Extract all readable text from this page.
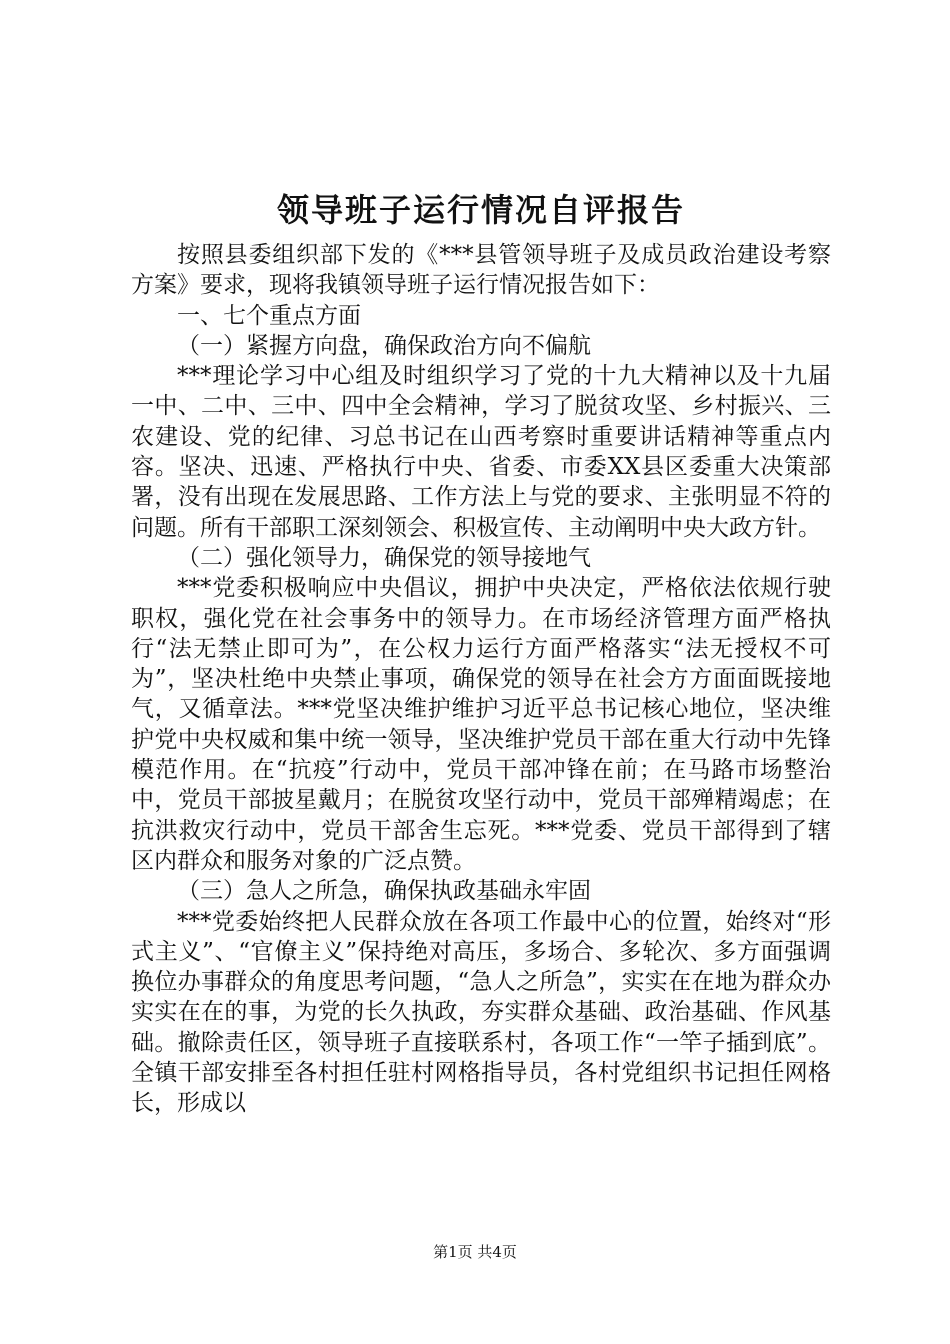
领导班子运行情况自评报告

按照县委组织部下发的《***县管领导班子及成员政治建设考察方案》要求，现将我镇领导班子运行情况报告如下：

一、七个重点方面

（一）紧握方向盘，确保政治方向不偏航

***理论学习中心组及时组织学习了党的十九大精神以及十九届一中、二中、三中、四中全会精神，学习了脱贫攻坚、乡村振兴、三农建设、党的纪律、习总书记在山西考察时重要讲话精神等重点内容。坚决、迅速、严格执行中央、省委、市委XX县区委重大决策部署，没有出现在发展思路、工作方法上与党的要求、主张明显不符的问题。所有干部职工深刻领会、积极宣传、主动阐明中央大政方针。

（二）强化领导力，确保党的领导接地气

***党委积极响应中央倡议，拥护中央决定，严格依法依规行驶职权，强化党在社会事务中的领导力。在市场经济管理方面严格执行“法无禁止即可为”，在公权力运行方面严格落实“法无授权不可为”，坚决杜绝中央禁止事项，确保党的领导在社会方方面面既接地气，又循章法。***党坚决维护维护习近平总书记核心地位，坚决维护党中央权威和集中统一领导，坚决维护党员干部在重大行动中先锋模范作用。在“抗疫”行动中，党员干部冲锋在前；在马路市场整治中，党员干部披星戴月；在脱贫攻坚行动中，党员干部殚精竭虑；在抗洪救灾行动中，党员干部舍生忘死。***党委、党员干部得到了辖区内群众和服务对象的广泛点赞。

（三）急人之所急，确保执政基础永牢固

***党委始终把人民群众放在各项工作最中心的位置，始终对“形式主义”、“官僚主义”保持绝对高压，多场合、多轮次、多方面强调换位办事群众的角度思考问题，“急人之所急”，实实在在地为群众办实实在在的事，为党的长久执政，夯实群众基础、政治基础、作风基础。撤除责任区，领导班子直接联系村，各项工作“一竿子插到底”。全镇干部安排至各村担任驻村网格指导员，各村党组织书记担任网格长，形成以

第1页 共4页
